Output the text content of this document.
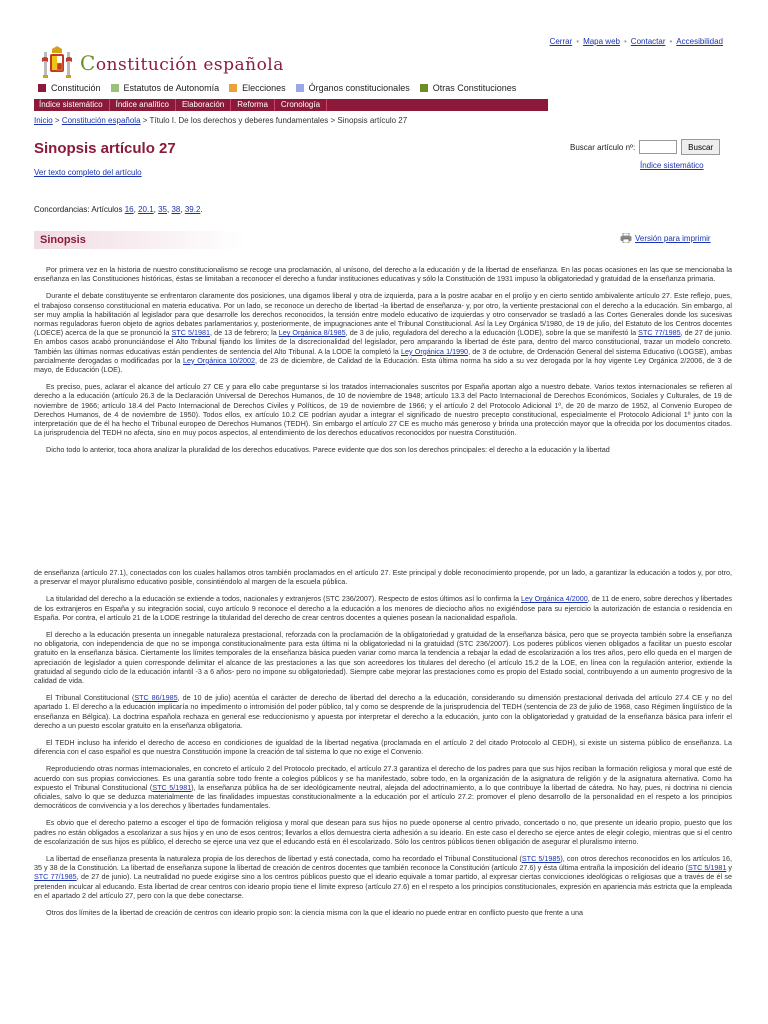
Cerrar • Mapa web • Contactar • Accesibilidad
Constitución española
Constitución	Estatutos de Autonomía	Elecciones	Órganos constitucionales	Otras Constituciones
Índice sistemático	Índice analítico	Elaboración	Reforma	Cronología
Inicio > Constitución española > Título I. De los derechos y deberes fundamentales > Sinopsis artículo 27
Sinopsis artículo 27
Ver texto completo del artículo
Buscar artículo nº:	Buscar
Índice sistemático
Concordancias: Artículos 16, 20.1, 35, 38, 39.2.
Sinopsis	Versión para imprimir

Por primera vez en la historia de nuestro constitucionalismo se recoge una proclamación, al unísono, del derecho a la educación y de la libertad de enseñanza. En las pocas ocasiones en las que se mencionaba la enseñanza en las Constituciones históricas, éstas se limitaban a reconocer el derecho a fundar instituciones educativas y sólo la Constitución de 1931 impuso la obligatoriedad y gratuidad de la enseñanza primaria.

Durante el debate constituyente se enfrentaron claramente dos posiciones, una digamos liberal y otra de izquierda, para a la postre acabar en el prolijo y en cierto sentido ambivalente artículo 27. Este reflejo, pues, el trabajoso consenso constitucional en materia educativa. Por un lado, se reconoce un derecho de libertad -la libertad de enseñanza- y, por otro, la vertiente prestacional con el derecho a la educación. Sin embargo, al ser muy amplia la habilitación al legislador para que desarrolle los derechos reconocidos, la tensión entre modelo educativo de izquierdas y otro conservador se trasladó a las Cortes Generales donde los sucesivas normas reguladoras fueron objeto de agrios debates parlamentarios y, posteriormente, de impugnaciones ante el Tribunal Constitucional. Así la Ley Orgánica 5/1980, de 19 de julio, del Estatuto de los Centros docentes (LOECE) acerca de la que se pronunció la STC 5/1981, de 13 de febrero; la Ley Orgánica 8/1985, de 3 de julio, reguladora del derecho a la educación (LODE), sobre la que se manifestó la STC 77/1985, de 27 de junio. En ambos casos acabó pronunciándose el Alto Tribunal fijando los límites de la discrecionalidad del legislador, pero amparando la libertad de éste para, dentro del marco constitucional, trazar un modelo concreto. También las últimas normas educativas están pendientes de sentencia del Alto Tribunal. A la LODE la completó la Ley Orgánica 1/1990, de 3 de octubre, de Ordenación General del sistema Educativo (LOGSE), ambas parcialmente derogadas o modificadas por la Ley Orgánica 10/2002, de 23 de diciembre, de Calidad de la Educación. Esta última norma ha sido a su vez derogada por la hoy vigente Ley Orgánica 2/2006, de 3 de mayo, de Educación (LOE).

Es preciso, pues, aclarar el alcance del artículo 27 CE y para ello cabe preguntarse si los tratados internacionales suscritos por España aportan algo a nuestro debate. Varios textos internacionales se refieren al derecho a la educación (artículo 26.3 de la Declaración Universal de Derechos Humanos, de 10 de noviembre de 1948; artículo 13.3 del Pacto Internacional de Derechos Económicos, Sociales y Culturales, de 19 de noviembre de 1966; artículo 18.4 del Pacto Internacional de Derechos Civiles y Políticos, de 19 de noviembre de 1966; y el artículo 2 del Protocolo Adicional 1º, de 20 de marzo de 1952, al Convenio Europeo de Derechos Humanos, de 4 de noviembre de 1950). Todos ellos, ex artículo 10.2 CE podrían ayudar a integrar el significado de nuestro precepto constitucional, especialmente el Protocolo Adicional 1º junto con la interpretación que de él ha hecho el Tribunal europeo de Derechos Humanos (TEDH). Sin embargo el artículo 27 CE es mucho más generoso y brinda una protección mayor que la ofrecida por los documentos citados. La jurisprudencia del TEDH no afecta, sino en muy pocos aspectos, al entendimiento de los derechos educativos reconocidos por nuestra Constitución.

Dicho todo lo anterior, toca ahora analizar la pluralidad de los derechos educativos. Parece evidente que dos son los derechos principales: el derecho a la educación y la libertad

de enseñanza (artículo 27.1), conectados con los cuales hallamos otros también proclamados en el artículo 27. Este principal y doble reconocimiento propende, por un lado, a garantizar la educación a todos y, por otro, a preservar el mayor pluralismo educativo posible, consintiéndolo al margen de la escuela pública.

La titularidad del derecho a la educación se extiende a todos, nacionales y extranjeros (STC 236/2007). Respecto de estos últimos así lo confirma la Ley Orgánica 4/2000, de 11 de enero, sobre derechos y libertades de los extranjeros en España y su integración social, cuyo artículo 9 reconoce el derecho a la educación a los menores de dieciocho años no exigiéndose para su ejercicio la autorización de estancia o residencia en España. Por contra, el artículo 21 de la LODE restringe la titularidad del derecho de crear centros docentes a quienes posean la nacionalidad española.

El derecho a la educación presenta un innegable naturaleza prestacional, reforzada con la proclamación de la obligatoriedad y gratuidad de la enseñanza básica, pero que se proyecta también sobre la enseñanza no obligatoria, con independencia de que no se imponga constitucionalmente para esta última ni la obligatoriedad ni la gratuidad (STC 236/2007). Los poderes públicos vienen obligados a facilitar un puesto escolar gratuito en la enseñanza básica. Ciertamente los límites temporales de la enseñanza básica pueden variar como marca la tendencia a rebajar la edad de escolarización a los tres años, pero ello queda en el margen de apreciación de legislador a quien corresponde delimitar el alcance de las prestaciones a las que son acreedores los titulares del derecho (el artículo 15.2 de la LOE, en línea con la regulación anterior, extiende la gratuidad al segundo ciclo de la educación infantil -3 a 6 años- pero no impone su obligatoriedad). Siempre cabe mejorar las prestaciones como es propio del Estado social, contribuyendo a un aumento progresivo de la calidad de vida.

El Tribunal Constitucional (STC 86/1985, de 10 de julio) acentúa el carácter de derecho de libertad del derecho a la educación, considerando su dimensión prestacional derivada del artículo 27.4 CE y no del apartado 1. El derecho a la educación implicaría no impedimento o intromisión del poder público, tal y como se desprende de la jurisprudencia del TEDH (sentencia de 23 de julio de 1968, caso Régimen lingüístico de la enseñanza en Bélgica). La doctrina española rechaza en general ese reduccionismo y apuesta por interpretar el derecho a la educación, junto con la obligatoriedad y gratuidad de la enseñanza básica para inferir el derecho a un puesto escolar gratuito en la enseñanza obligatoria.

El TEDH incluso ha inferido el derecho de acceso en condiciones de igualdad de la libertad negativa (proclamada en el artículo 2 del citado Protocolo al CEDH), si existe un sistema público de enseñanza. La diferencia con el caso español es que nuestra Constitución impone la creación de tal sistema lo que no exige el Convenio.

Reproduciendo otras normas internacionales, en concreto el artículo 2 del Protocolo precitado, el artículo 27.3 garantiza el derecho de los padres para que sus hijos reciban la formación religiosa y moral que esté de acuerdo con sus propias convicciones. Es una garantía sobre todo frente a colegios públicos y se ha manifestado, sobre todo, en la organización de la asignatura de religión y de la asignatura alternativa. Como ha expuesto el Tribunal Constitucional (STC 5/1981), la enseñanza pública ha de ser ideológicamente neutral, alejada del adoctrinamiento, a lo que contribuye la libertad de cátedra. No hay, pues, ni doctrina ni ciencia oficiales, salvo lo que se deduzca materialmente de las finalidades impuestas constitucionalmente a la educación por el artículo 27.2: promover el pleno desarrollo de la personalidad en el respeto a los principios democráticos de convivencia y a los derechos y libertades fundamentales.

Es obvio que el derecho paterno a escoger el tipo de formación religiosa y moral que desean para sus hijos no puede oponerse al centro privado, concertado o no, que presente un ideario propio, puesto que los padres no están obligados a escolarizar a sus hijos y en uno de esos centros; llevarlos a ellos demuestra cierta adhesión a su ideario. En este caso el derecho se ejerce antes de elegir colegio, mientras que si el centro de escolarización de sus hijos es público, el derecho se ejerce una vez que el educando está en él escolarizado. Sólo los centros públicos tienen obligación de asegurar el pluralismo interno.

La libertad de enseñanza presenta la naturaleza propia de los derechos de libertad y está conectada, como ha recordado el Tribunal Constitucional (STC 5/1985), con otros derechos reconocidos en los artículos 16, 35 y 38 de la Constitución. La libertad de enseñanza supone la libertad de creación de centros docentes que también reconoce la Constitución (artículo 27.6) y ésta última entraña la imposición del ideario (STC 5/1981 y STC 77/1985, de 27 de junio). La neutralidad no puede exigirse sino a los centros públicos puesto que el ideario equivale a tomar partido, al expresar ciertas convicciones ideológicas o religiosas que a través de él se pretenden inculcar al educando. Esta libertad de crear centros con ideario propio tiene el límite expreso (artículo 27.6) en el respeto a los principios constitucionales, expresión en apariencia más estricta que la empleada en el apartado 2 del artículo 27, pero con la que debe conectarse.

Otros dos límites de la libertad de creación de centros con ideario propio son: la ciencia misma con la que el ideario no puede entrar en conflicto puesto que frente a una
